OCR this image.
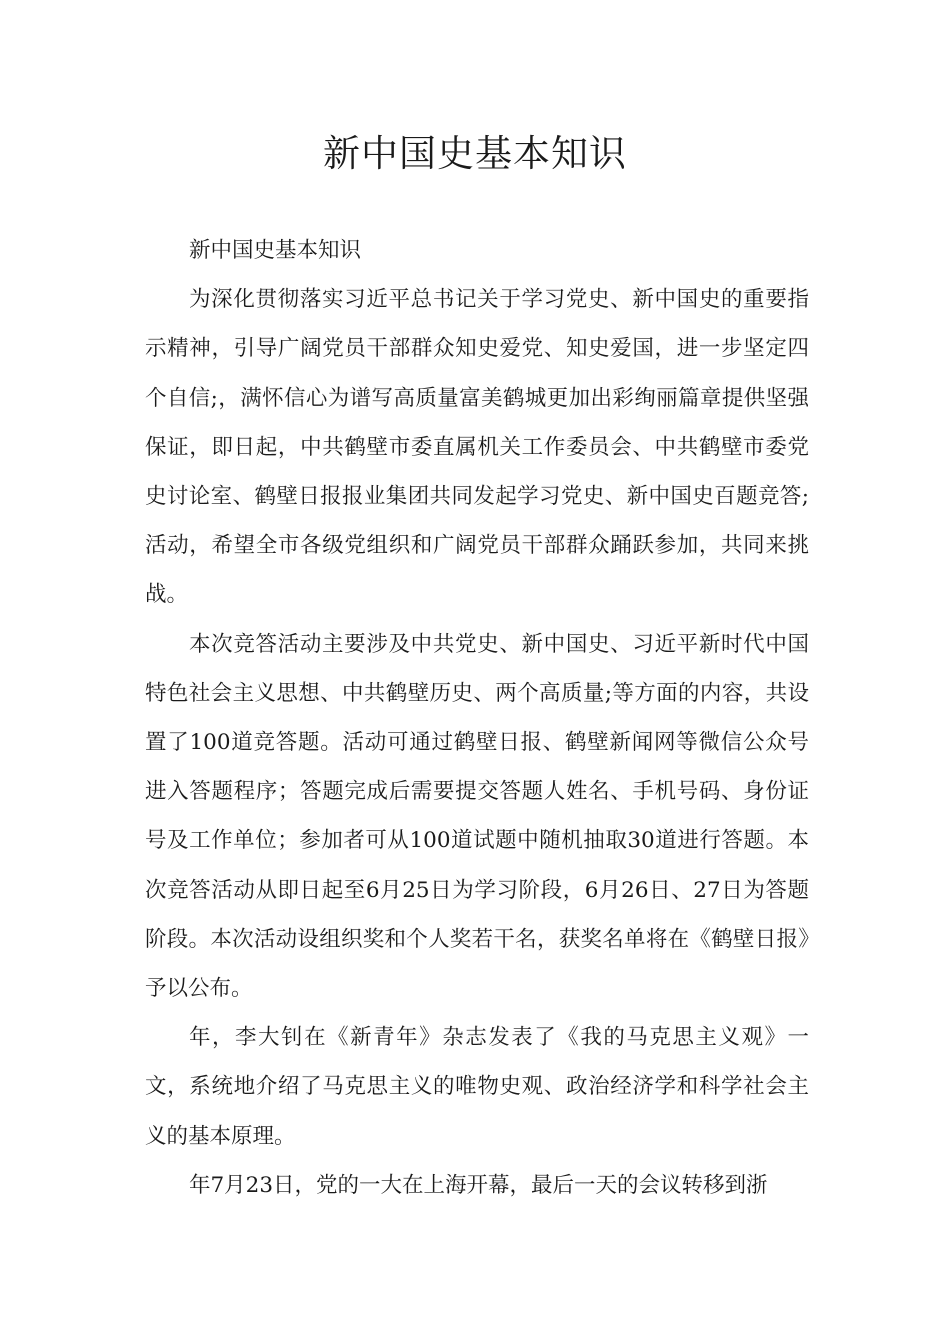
新中国史基本知识

新中国史基本知识

为深化贯彻落实习近平总书记关于学习党史、新中国史的重要指示精神，引导广阔党员干部群众知史爱党、知史爱国，进一步坚定四个自信;，满怀信心为谱写高质量富美鹤城更加出彩绚丽篇章提供坚强保证，即日起，中共鹤壁市委直属机关工作委员会、中共鹤壁市委党史讨论室、鹤壁日报报业集团共同发起学习党史、新中国史百题竞答;活动，希望全市各级党组织和广阔党员干部群众踊跃参加，共同来挑战。

本次竞答活动主要涉及中共党史、新中国史、习近平新时代中国特色社会主义思想、中共鹤壁历史、两个高质量;等方面的内容，共设置了100道竞答题。活动可通过鹤壁日报、鹤壁新闻网等微信公众号进入答题程序；答题完成后需要提交答题人姓名、手机号码、身份证号及工作单位；参加者可从100道试题中随机抽取30道进行答题。本次竞答活动从即日起至6月25日为学习阶段，6月26日、27日为答题阶段。本次活动设组织奖和个人奖若干名，获奖名单将在《鹤壁日报》予以公布。

年，李大钊在《新青年》杂志发表了《我的马克思主义观》一文，系统地介绍了马克思主义的唯物史观、政治经济学和科学社会主义的基本原理。

年7月23日，党的一大在上海开幕，最后一天的会议转移到浙
